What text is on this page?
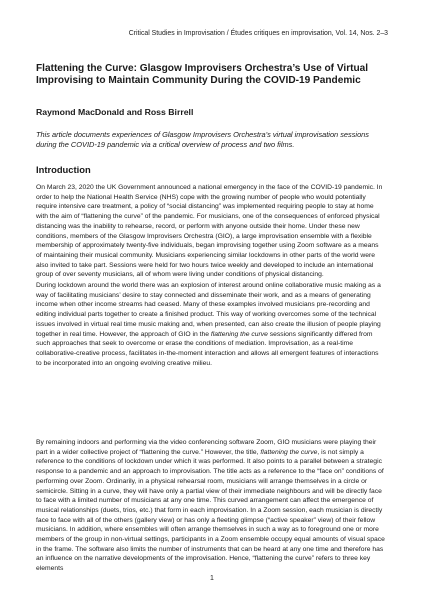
Critical Studies in Improvisation / Études critiques en improvisation, Vol. 14, Nos. 2–3
Flattening the Curve: Glasgow Improvisers Orchestra’s Use of Virtual Improvising to Maintain Community During the COVID-19 Pandemic

Raymond MacDonald and Ross Birrell

This article documents experiences of Glasgow Improvisers Orchestra’s virtual improvisation sessions during the COVID-19 pandemic via a critical overview of process and two films.

Introduction

On March 23, 2020 the UK Government announced a national emergency in the face of the COVID-19 pandemic. In order to help the National Health Service (NHS) cope with the growing number of people who would potentially require intensive care treatment, a policy of “social distancing” was implemented requiring people to stay at home with the aim of “flattening the curve” of the pandemic. For musicians, one of the consequences of enforced physical distancing was the inability to rehearse, record, or perform with anyone outside their home. Under these new conditions, members of the Glasgow Improvisers Orchestra (GIO), a large improvisation ensemble with a flexible membership of approximately twenty-five individuals, began improvising together using Zoom software as a means of maintaining their musical community. Musicians experiencing similar lockdowns in other parts of the world were also invited to take part. Sessions were held for two hours twice weekly and developed to include an international group of over seventy musicians, all of whom were living under conditions of physical distancing.

During lockdown around the world there was an explosion of interest around online collaborative music making as a way of facilitating musicians’ desire to stay connected and disseminate their work, and as a means of generating income when other income streams had ceased. Many of these examples involved musicians pre-recording and editing individual parts together to create a finished product. This way of working overcomes some of the technical issues involved in virtual real time music making and, when presented, can also create the illusion of people playing together in real time. However, the approach of GIO in the flattening the curve sessions significantly differed from such approaches that seek to overcome or erase the conditions of mediation. Improvisation, as a real-time collaborative-creative process, facilitates in-the-moment interaction and allows all emergent features of interactions to be incorporated into an ongoing evolving creative milieu.

By remaining indoors and performing via the video conferencing software Zoom, GIO musicians were playing their part in a wider collective project of “flattening the curve.” However, the title, flattening the curve, is not simply a reference to the conditions of lockdown under which it was performed. It also points to a parallel between a strategic response to a pandemic and an approach to improvisation. The title acts as a reference to the “face on” conditions of performing over Zoom. Ordinarily, in a physical rehearsal room, musicians will arrange themselves in a circle or semicircle. Sitting in a curve, they will have only a partial view of their immediate neighbours and will be directly face to face with a limited number of musicians at any one time. This curved arrangement can affect the emergence of musical relationships (duets, trios, etc.) that form in each improvisation. In a Zoom session, each musician is directly face to face with all of the others (gallery view) or has only a fleeting glimpse (“active speaker” view) of their fellow musicians. In addition, where ensembles will often arrange themselves in such a way as to foreground one or more members of the group in non-virtual settings, participants in a Zoom ensemble occupy equal amounts of visual space in the frame. The software also limits the number of instruments that can be heard at any one time and therefore has an influence on the narrative developments of the improvisation. Hence, “flattening the curve” refers to three key elements

1
